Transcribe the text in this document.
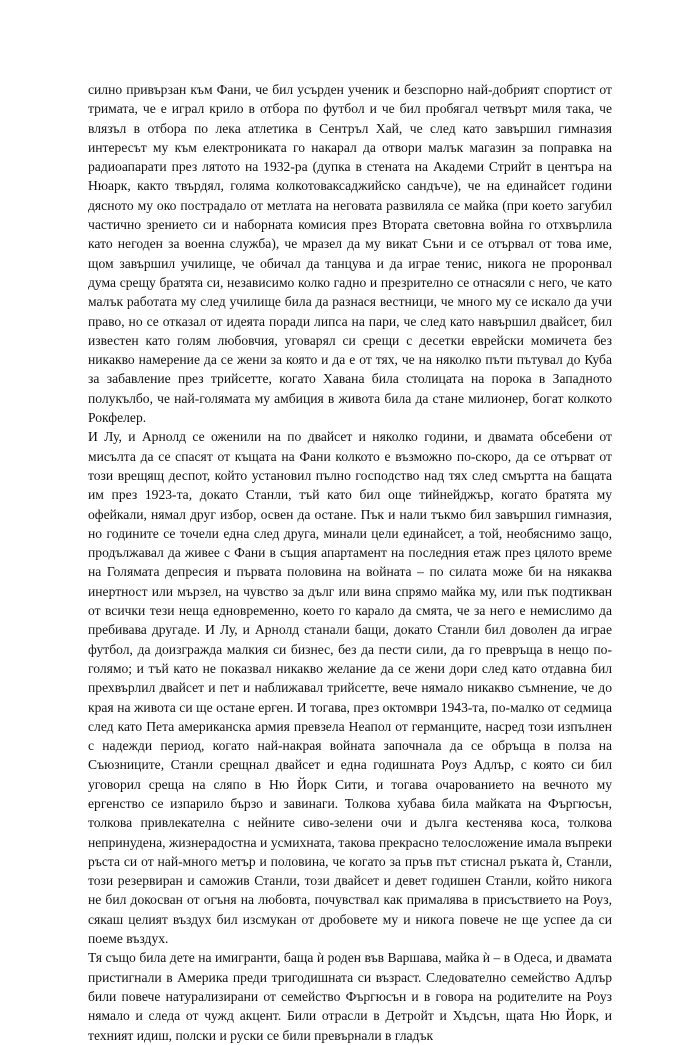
силно привързан към Фани, че бил усърден ученик и безспорно най-добрият спортист от тримата, че е играл крило в отбора по футбол и че бил пробягал четвърт миля така, че влязъл в отбора по лека атлетика в Сентръл Хай, че след като завършил гимназия интересът му към електрониката го накарал да отвори малък магазин за поправка на радиоапарати през лятото на 1932-ра (дупка в стената на Академи Стрийт в центъра на Нюарк, както твърдял, голяма колкотоваксаджийско сандъче), че на единайсет години дясното му око пострадало от метлата на неговата развиляла се майка (при което загубил частично зрението си и наборната комисия през Втората световна война го отхвърлила като негоден за военна служба), че мразел да му викат Съни и се отървал от това име, щом завършил училище, че обичал да танцува и да играе тенис, никога не проронвал дума срещу братята си, независимо колко гадно и презрително се отнасяли с него, че като малък работата му след училище била да разнася вестници, че много му се искало да учи право, но се отказал от идеята поради липса на пари, че след като навършил двайсет, бил известен като голям любовчия, уговарял си срещи с десетки еврейски момичета без никакво намерение да се жени за която и да е от тях, че на няколко пъти пътувал до Куба за забавление през трийсетте, когато Хавана била столицата на порока в Западното полукълбо, че най-голямата му амбиция в живота била да стане милионер, богат колкото Рокфелер.

И Лу, и Арнолд се оженили на по двайсет и няколко години, и двамата обсебени от мисълта да се спасят от къщата на Фани колкото е възможно по-скоро, да се отърват от този врещящ деспот, който установил пълно господство над тях след смъртта на бащата им през 1923-та, докато Станли, тъй като бил още тийнейджър, когато братята му офейкали, нямал друг избор, освен да остане. Пък и нали тъкмо бил завършил гимназия, но годините се точели една след друга, минали цели единайсет, а той, необяснимо защо, продължавал да живее с Фани в същия апартамент на последния етаж през цялото време на Голямата депресия и първата половина на войната – по силата може би на някаква инертност или мързел, на чувство за дълг или вина спрямо майка му, или пък подтикван от всички тези неща едновременно, което го карало да смята, че за него е немислимо да пребивава другаде. И Лу, и Арнолд станали бащи, докато Станли бил доволен да играе футбол, да доизгражда малкия си бизнес, без да пести сили, да го превръща в нещо по-голямо; и тъй като не показвал никакво желание да се жени дори след като отдавна бил прехвърлил двайсет и пет и наближавал трийсетте, вече нямало никакво съмнение, че до края на живота си ще остане ерген. И тогава, през октомври 1943-та, по-малко от седмица след като Пета американска армия превзела Неапол от германците, насред този изпълнен с надежди период, когато най-накрая войната започнала да се обръща в полза на Съюзниците, Станли срещнал двайсет и една годишната Роуз Адлър, с която си бил уговорил среща на сляпо в Ню Йорк Сити, и тогава очарованието на вечното му ергенство се изпарило бързо и завинаги. Толкова хубава била майката на Фъргюсън, толкова привлекателна с нейните сиво-зелени очи и дълга кестенява коса, толкова непринудена, жизнерадостна и усмихната, такова прекрасно телосложение имала въпреки ръста си от най-много метър и половина, че когато за пръв път стиснал ръката ѝ, Станли, този резервиран и саможив Станли, този двайсет и девет годишен Станли, който никога не бил докосван от огъня на любовта, почувствал как прималява в присъствието на Роуз, сякаш целият въздух бил изсмукан от дробовете му и никога повече не ще успее да си поеме въздух.

Тя също била дете на имигранти, баща ѝ роден във Варшава, майка ѝ – в Одеса, и двамата пристигнали в Америка преди тригодишната си възраст. Следователно семейство Адлър били повече натурализирани от семейство Фъргюсън и в говора на родителите на Роуз нямало и следа от чужд акцент. Били отрасли в Детройт и Хъдсън, щата Ню Йорк, и техният идиш, полски и руски се били превърнали в гладък
